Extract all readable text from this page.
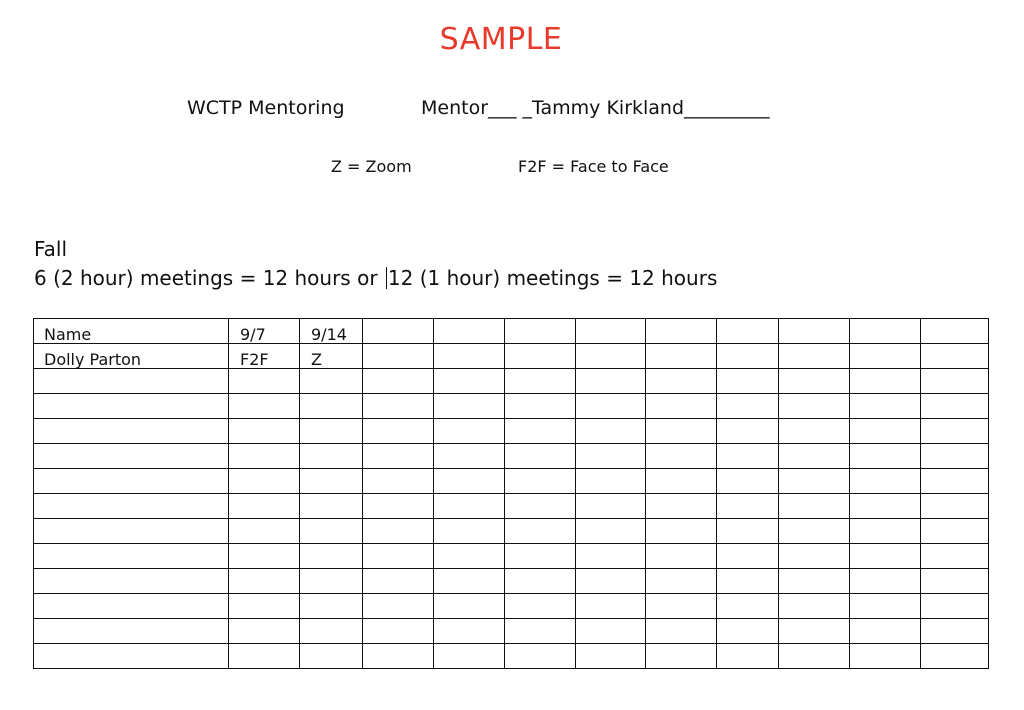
SAMPLE
WCTP Mentoring	Mentor___ _Tammy Kirkland_________
Z = Zoom	F2F = Face to Face
Fall
6 (2 hour) meetings = 12 hours or 12 (1 hour) meetings = 12 hours
Name	9/7	9/14									
Dolly Parton	F2F	Z									
